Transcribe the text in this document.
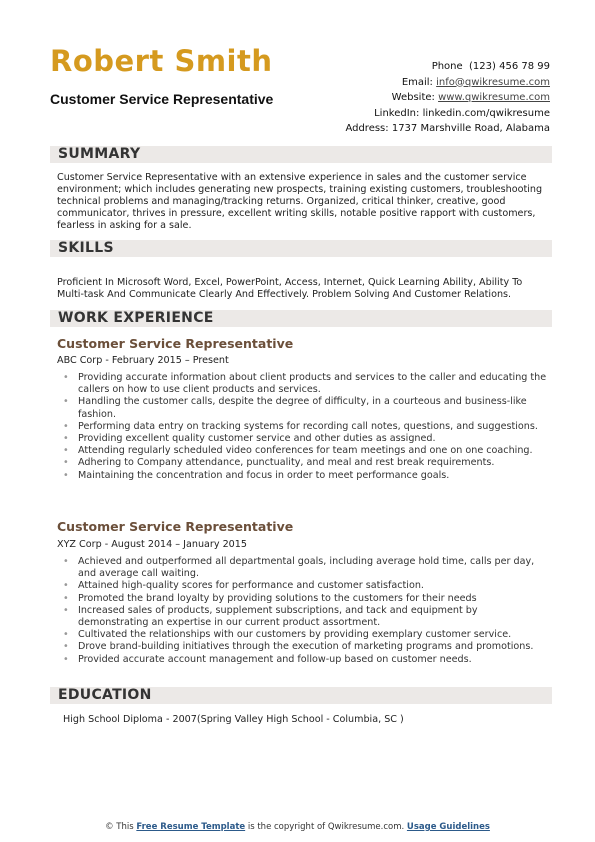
Robert Smith
Customer Service Representative
Phone (123) 456 78 99
Email: info@qwikresume.com
Website: www.qwikresume.com
LinkedIn: linkedin.com/qwikresume
Address: 1737 Marshville Road, Alabama
SUMMARY
Customer Service Representative with an extensive experience in sales and the customer service environment; which includes generating new prospects, training existing customers, troubleshooting technical problems and managing/tracking returns. Organized, critical thinker, creative, good communicator, thrives in pressure, excellent writing skills, notable positive rapport with customers, fearless in asking for a sale.
SKILLS
Proficient In Microsoft Word, Excel, PowerPoint, Access, Internet, Quick Learning Ability, Ability To Multi-task And Communicate Clearly And Effectively. Problem Solving And Customer Relations.
WORK EXPERIENCE
Customer Service Representative
ABC Corp - February 2015 – Present
• Providing accurate information about client products and services to the caller and educating the callers on how to use client products and services.
• Handling the customer calls, despite the degree of difficulty, in a courteous and business-like fashion.
• Performing data entry on tracking systems for recording call notes, questions, and suggestions.
• Providing excellent quality customer service and other duties as assigned.
• Attending regularly scheduled video conferences for team meetings and one on one coaching.
• Adhering to Company attendance, punctuality, and meal and rest break requirements.
• Maintaining the concentration and focus in order to meet performance goals.
Customer Service Representative
XYZ Corp - August 2014 – January 2015
• Achieved and outperformed all departmental goals, including average hold time, calls per day, and average call waiting.
• Attained high-quality scores for performance and customer satisfaction.
• Promoted the brand loyalty by providing solutions to the customers for their needs
• Increased sales of products, supplement subscriptions, and tack and equipment by demonstrating an expertise in our current product assortment.
• Cultivated the relationships with our customers by providing exemplary customer service.
• Drove brand-building initiatives through the execution of marketing programs and promotions.
• Provided accurate account management and follow-up based on customer needs.
EDUCATION
High School Diploma - 2007(Spring Valley High School - Columbia, SC )
© This Free Resume Template is the copyright of Qwikresume.com. Usage Guidelines
